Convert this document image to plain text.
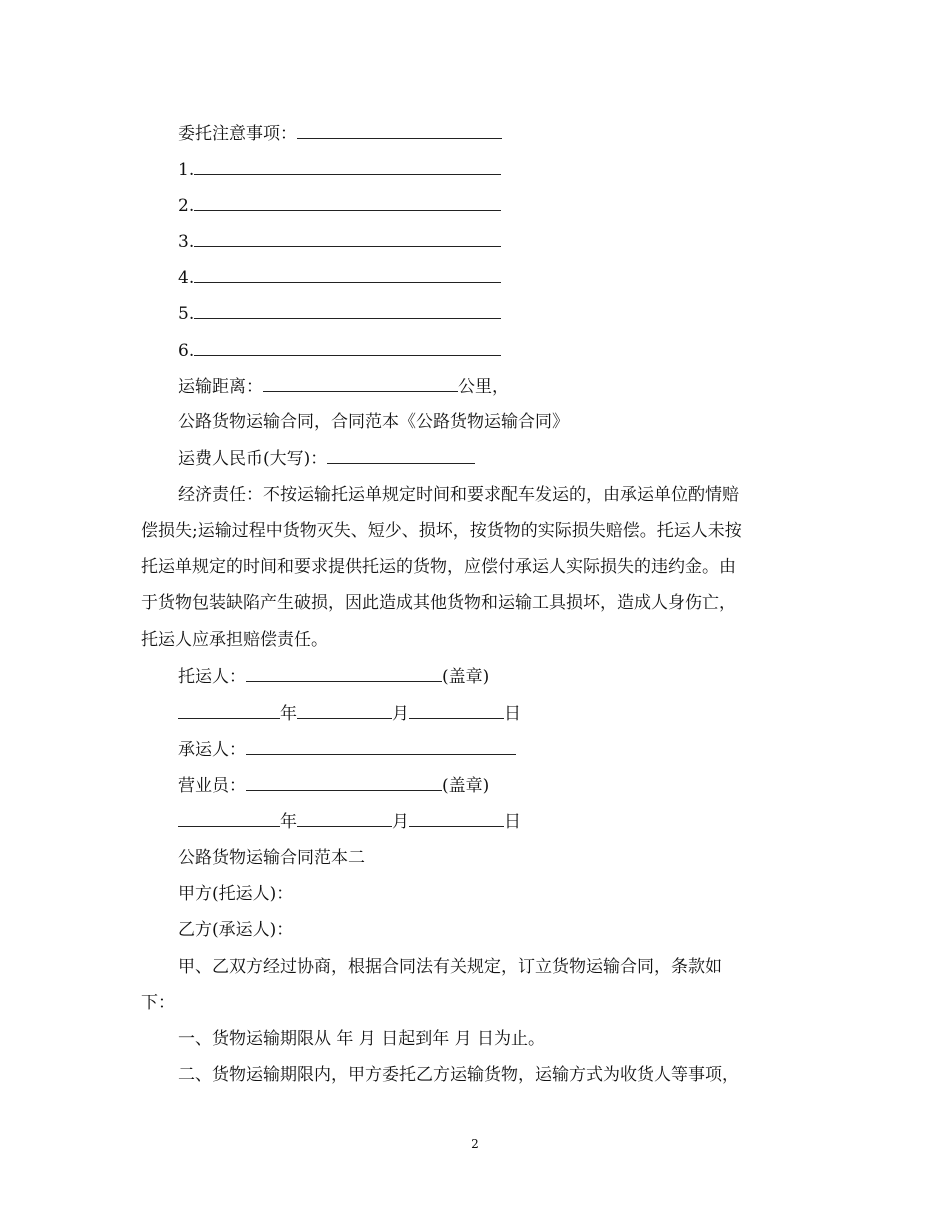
委托注意事项：
1.
2.
3.
4.
5.
6.
运输距离：	公里，
公路货物运输合同，合同范本《公路货物运输合同》
运费人民币(大写)：
经济责任：不按运输托运单规定时间和要求配车发运的，由承运单位酌情赔
偿损失;运输过程中货物灭失、短少、损坏，按货物的实际损失赔偿。托运人未按
托运单规定的时间和要求提供托运的货物，应偿付承运人实际损失的违约金。由
于货物包装缺陷产生破损，因此造成其他货物和运输工具损坏，造成人身伤亡，
托运人应承担赔偿责任。
托运人：	(盖章)
年	月	日
承运人：
营业员：	(盖章)
年	月	日
公路货物运输合同范本二
甲方(托运人)：
乙方(承运人)：
甲、乙双方经过协商，根据合同法有关规定，订立货物运输合同，条款如
下：
一、货物运输期限从 年 月 日起到年 月 日为止。
二、货物运输期限内，甲方委托乙方运输货物，运输方式为收货人等事项，
2
